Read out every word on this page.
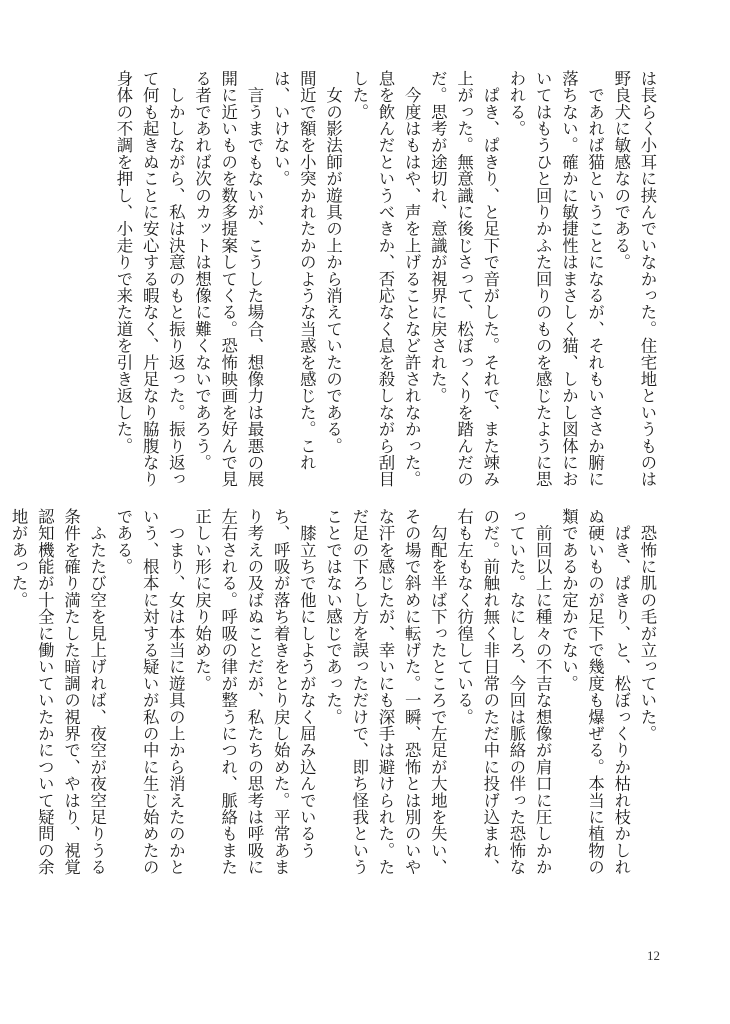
は長らく小耳に挟んでいなかった。住宅地というものは野良犬に敏感なのである。

　であれば猫ということになるが、それもいささか腑に落ちない。確かに敏捷性はまさしく猫、しかし図体においてはもうひと回りかふた回りのものを感じたように思われる。

　ぱき、ぱきり、と足下で音がした。それで、また竦み上がった。無意識に後じさって、松ぼっくりを踏んだのだ。思考が途切れ、意識が視界に戻された。

　今度はもはや、声を上げることなど許されなかった。息を飲んだというべきか、否応なく息を殺しながら刮目した。

　女の影法師が遊具の上から消えていたのである。

間近で額を小突かれたかのような当惑を感じた。これは、いけない。

　言うまでもないが、こうした場合、想像力は最悪の展開に近いものを数多提案してくる。恐怖映画を好んで見る者であれば次のカットは想像に難くないであろう。

　しかしながら、私は決意のもと振り返った。振り返って何も起きぬことに安心する暇なく、片足なり脇腹なり身体の不調を押し、小走りで来た道を引き返した。

　恐怖に肌の毛が立っていた。

　ぱき、ぱきり、と、松ぼっくりか枯れ枝かしれぬ硬いものが足下で幾度も爆ぜる。本当に植物の類であるか定かでない。

　前回以上に種々の不吉な想像が肩口に圧しかかっていた。なにしろ、今回は脈絡の伴った恐怖なのだ。前触れ無く非日常のただ中に投げ込まれ、右も左もなく彷徨している。

　勾配を半ば下ったところで左足が大地を失い、その場で斜めに転げた。一瞬、恐怖とは別のいやな汗を感じたが、幸いにも深手は避けられた。ただ足の下ろし方を誤っただけで、即ち怪我ということではない感じであった。

　膝立ちで他にしようがなく屈み込んでいるうち、呼吸が落ち着きをとり戻し始めた。平常あまり考えの及ばぬことだが、私たちの思考は呼吸に左右される。呼吸の律が整うにつれ、脈絡もまた正しい形に戻り始めた。

　つまり、女は本当に遊具の上から消えたのかという、根本に対する疑いが私の中に生じ始めたのである。

　ふたたび空を見上げれば、夜空が夜空足りうる条件を確り満たした暗調の視界で、やはり、視覚認知機能が十全に働いていたかについて疑問の余地があった。

12
